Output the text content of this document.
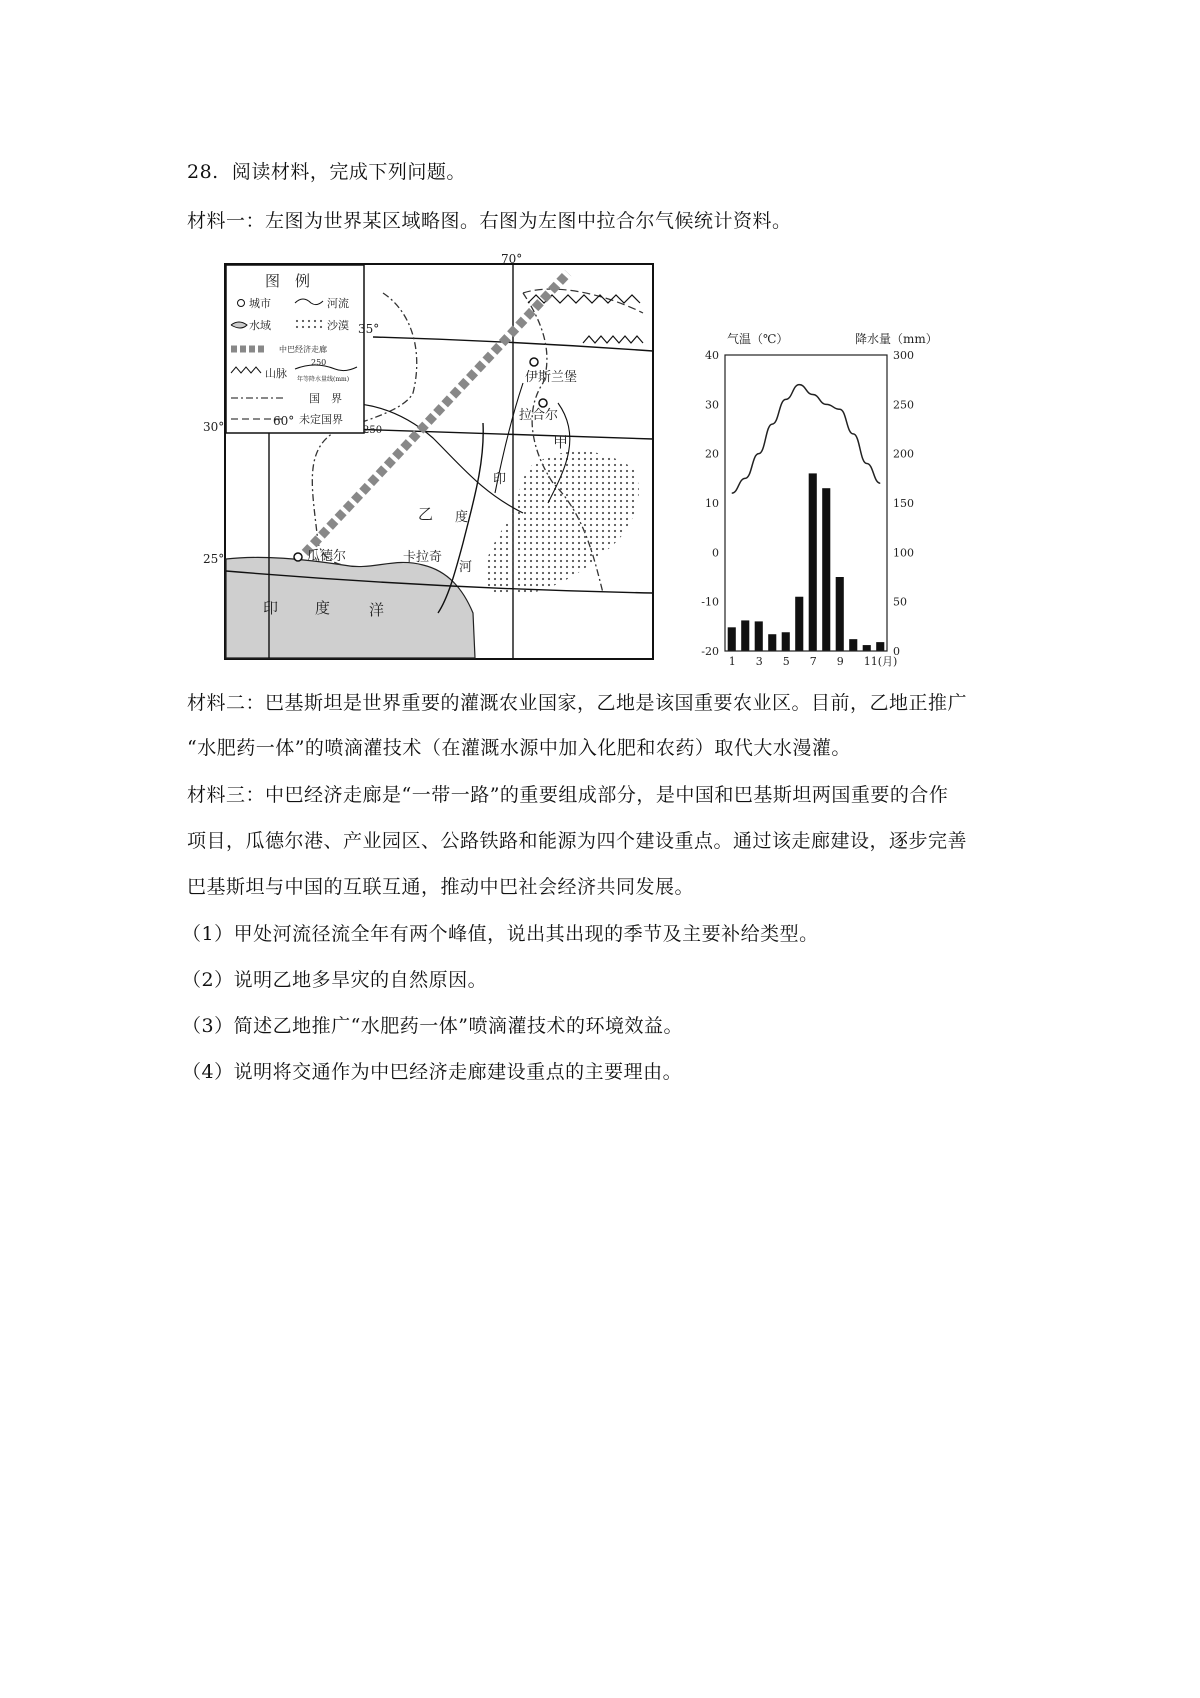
28. 阅读材料，完成下列问题。
材料一：左图为世界某区域略图。右图为左图中拉合尔气候统计资料。
图　例
城市	河流
水域	沙漠
中巴经济走廊
山脉
250
年等降水量线(mm)
国　界
未定国界
35°
30°
25°
70°
60°
伊斯兰堡
拉合尔
瓜德尔	卡拉奇
甲
乙
印
度
河
250
印 度	洋
气温（℃）	降水量（mm）
40
30
20
10
0
-10
-20
300
250
200
150
100
50
0
1 3 5 7 9 11(月)
材料二：巴基斯坦是世界重要的灌溉农业国家，乙地是该国重要农业区。目前，乙地正推广
“水肥药一体”的喷滴灌技术（在灌溉水源中加入化肥和农药）取代大水漫灌。
材料三：中巴经济走廊是“一带一路”的重要组成部分，是中国和巴基斯坦两国重要的合作
项目，瓜德尔港、产业园区、公路铁路和能源为四个建设重点。通过该走廊建设，逐步完善
巴基斯坦与中国的互联互通，推动中巴社会经济共同发展。
（1）甲处河流径流全年有两个峰值，说出其出现的季节及主要补给类型。
（2）说明乙地多旱灾的自然原因。
（3）简述乙地推广“水肥药一体”喷滴灌技术的环境效益。
（4）说明将交通作为中巴经济走廊建设重点的主要理由。
